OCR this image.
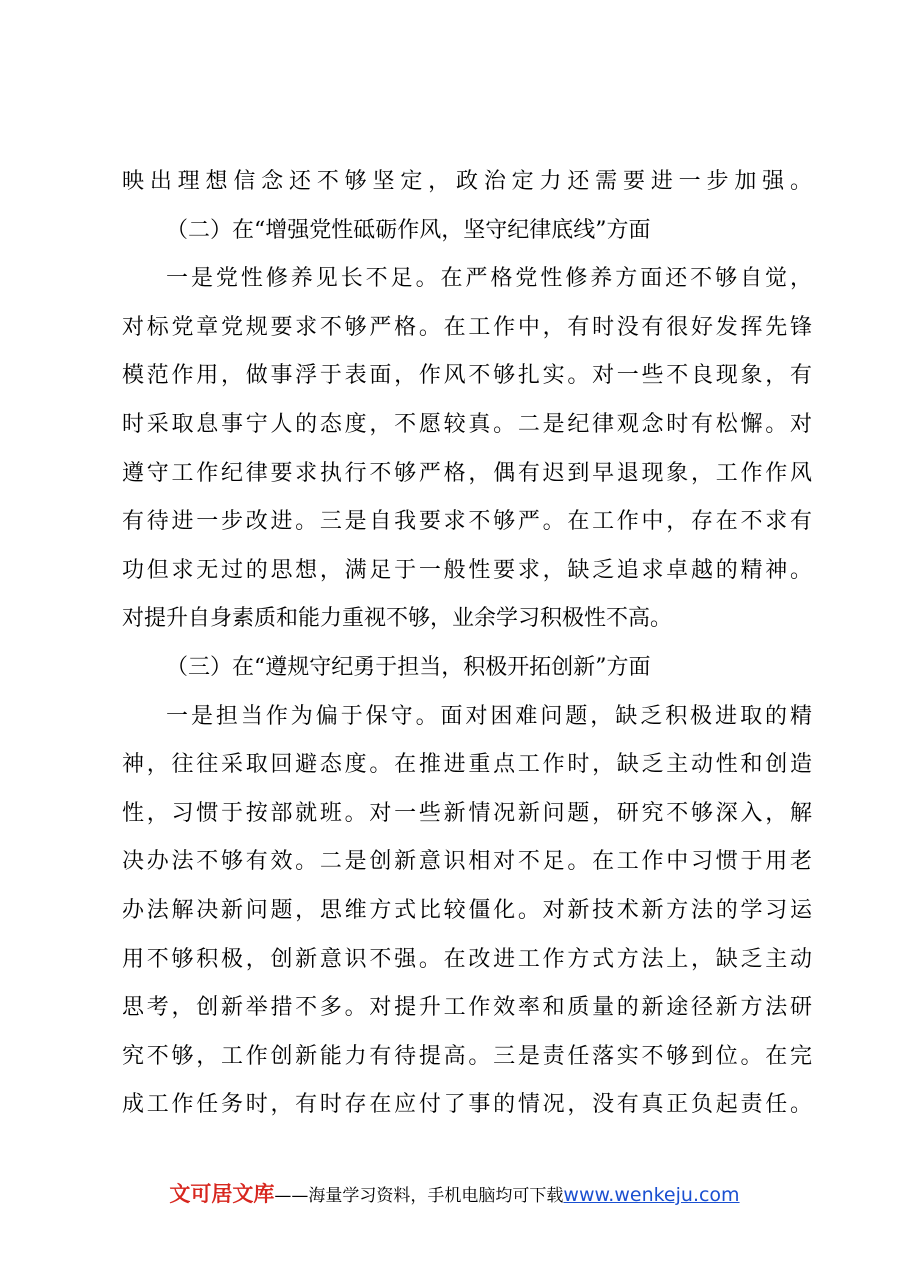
映出理想信念还不够坚定，政治定力还需要进一步加强。
（二）在“增强党性砥砺作风，坚守纪律底线”方面
一是党性修养见长不足。在严格党性修养方面还不够自觉，
对标党章党规要求不够严格。在工作中，有时没有很好发挥先锋
模范作用，做事浮于表面，作风不够扎实。对一些不良现象，有
时采取息事宁人的态度，不愿较真。二是纪律观念时有松懈。对
遵守工作纪律要求执行不够严格，偶有迟到早退现象，工作作风
有待进一步改进。三是自我要求不够严。在工作中，存在不求有
功但求无过的思想，满足于一般性要求，缺乏追求卓越的精神。
对提升自身素质和能力重视不够，业余学习积极性不高。
（三）在“遵规守纪勇于担当，积极开拓创新”方面
一是担当作为偏于保守。面对困难问题，缺乏积极进取的精
神，往往采取回避态度。在推进重点工作时，缺乏主动性和创造
性，习惯于按部就班。对一些新情况新问题，研究不够深入，解
决办法不够有效。二是创新意识相对不足。在工作中习惯于用老
办法解决新问题，思维方式比较僵化。对新技术新方法的学习运
用不够积极，创新意识不强。在改进工作方式方法上，缺乏主动
思考，创新举措不多。对提升工作效率和质量的新途径新方法研
究不够，工作创新能力有待提高。三是责任落实不够到位。在完
成工作任务时，有时存在应付了事的情况，没有真正负起责任。
文可居文库——海量学习资料，手机电脑均可下载www.wenkeju.com
